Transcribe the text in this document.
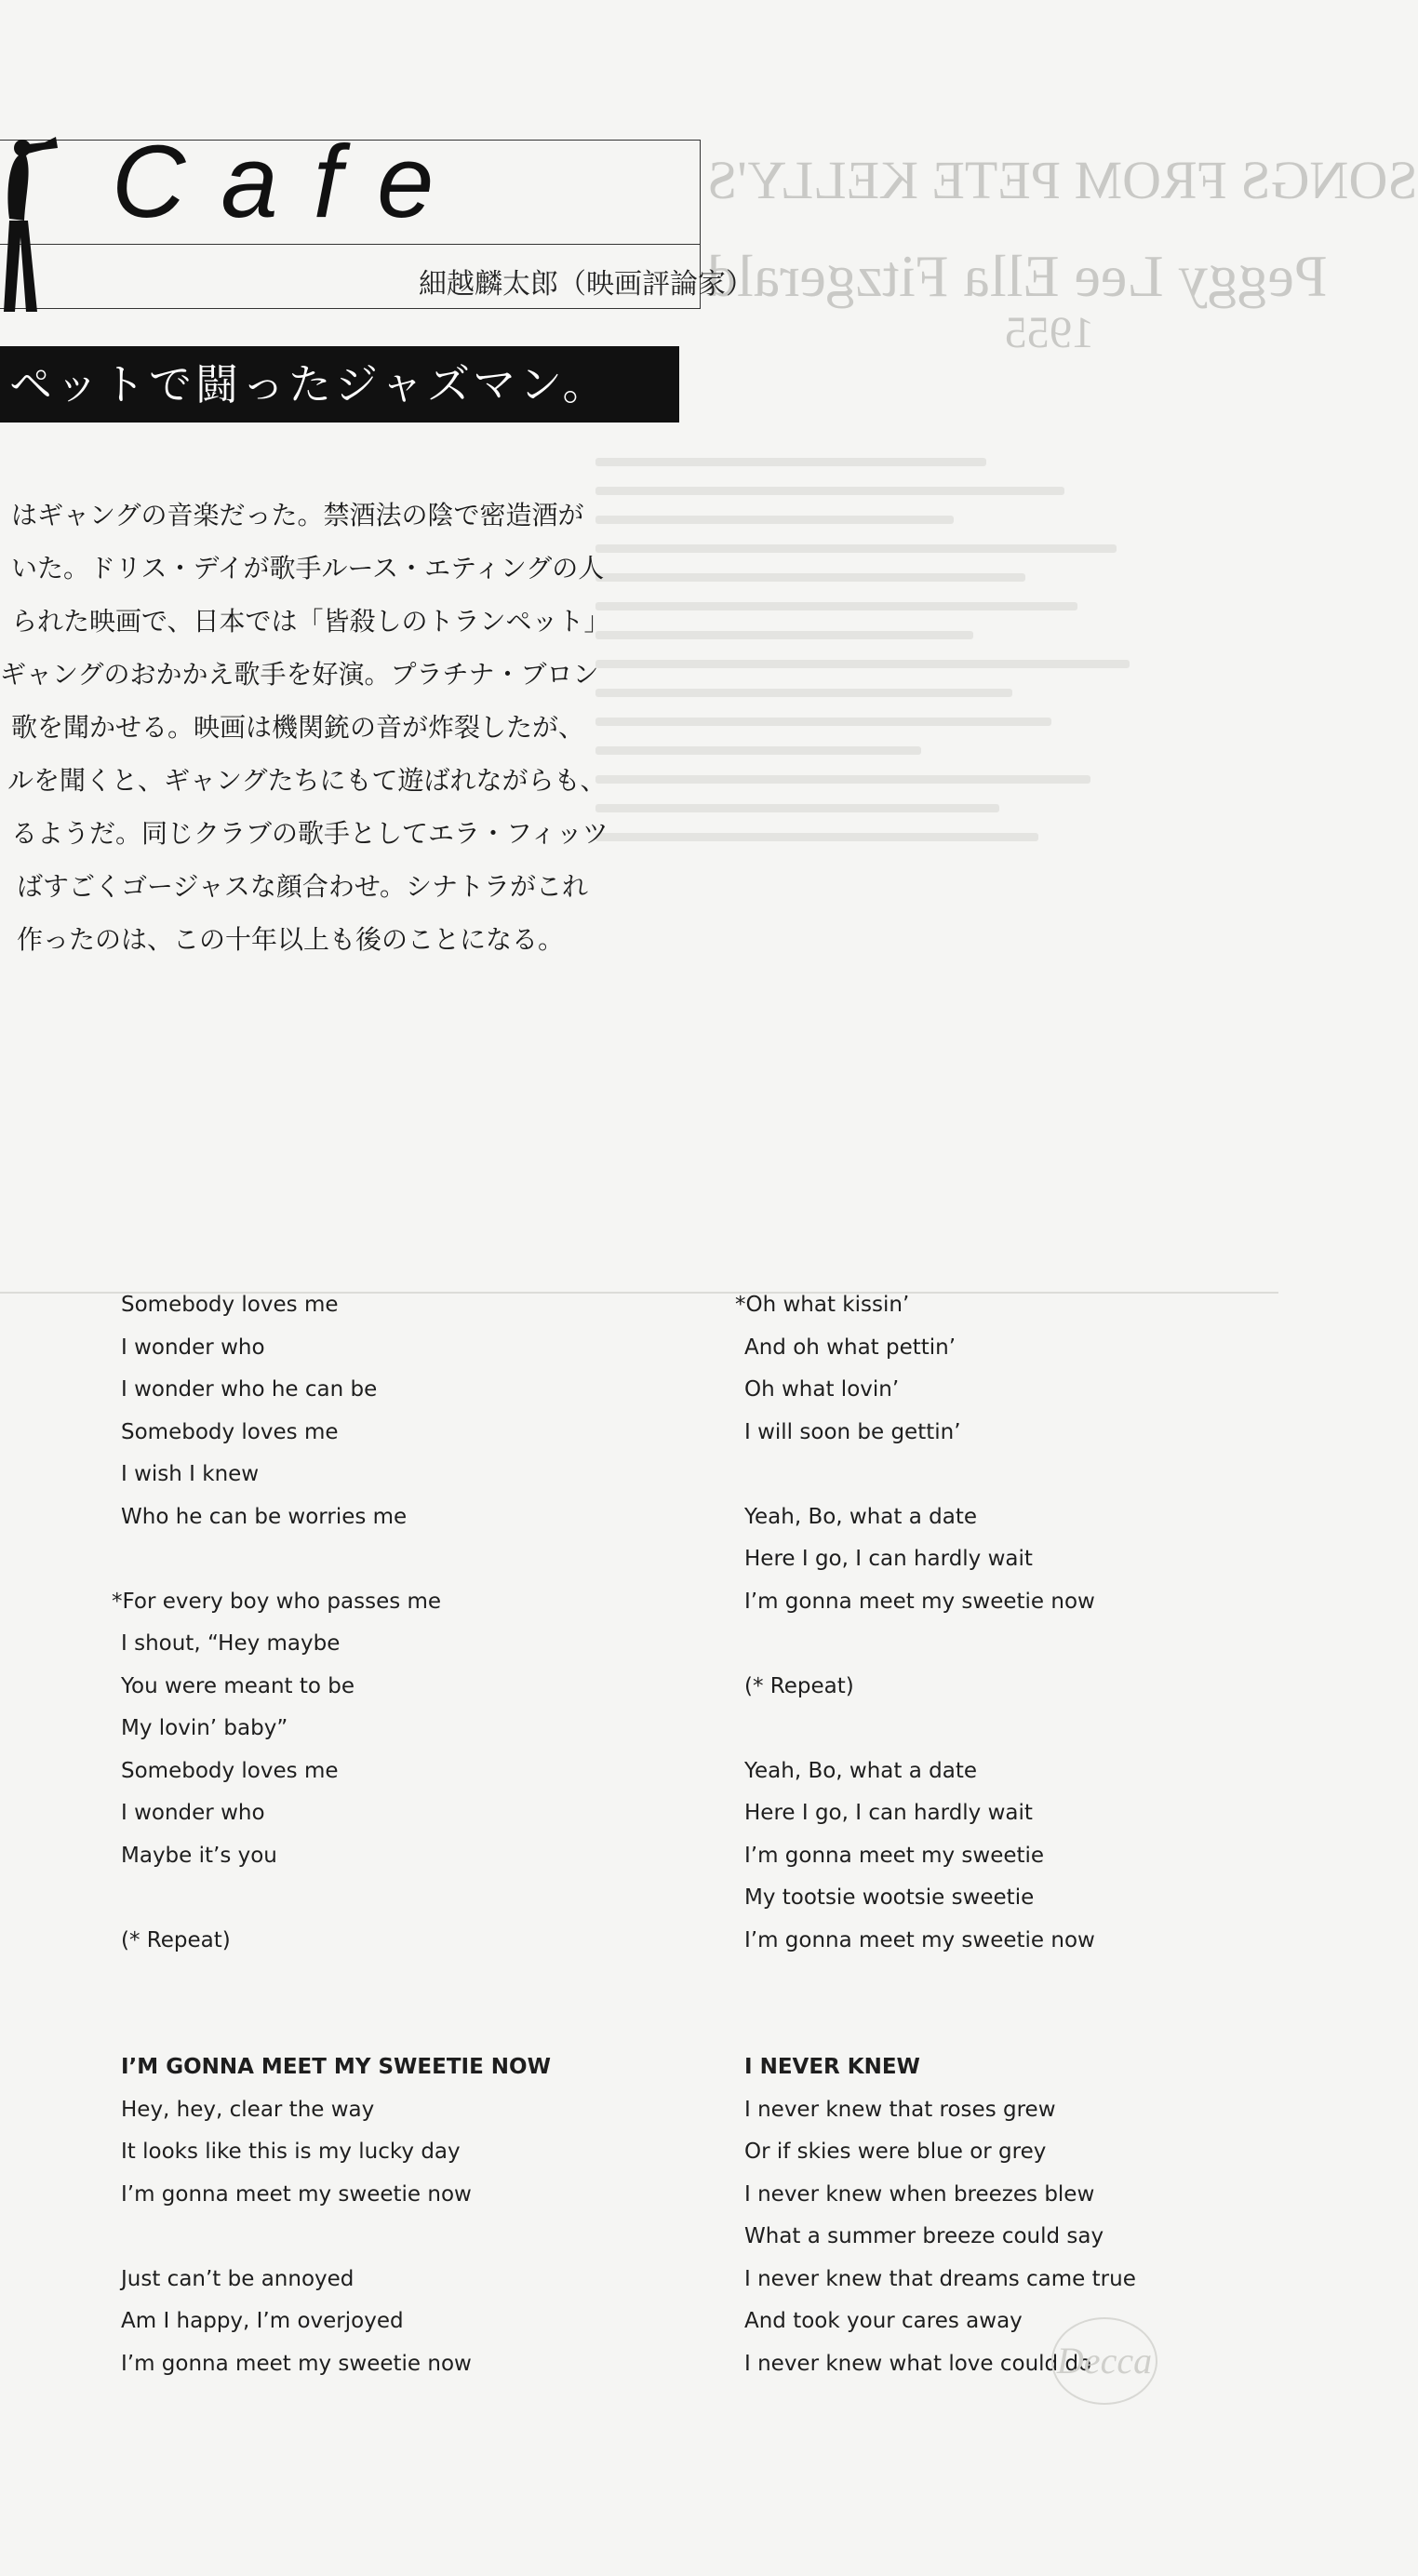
SONGS FROM PETE KELLY'S
Peggy Lee Ella Fitzgerald
1955
Cafe
細越麟太郎（映画評論家）
ペットで闘ったジャズマン。
はギャングの音楽だった。禁酒法の陰で密造酒が
いた。ドリス・デイが歌手ルース・エティングの人
られた映画で、日本では「皆殺しのトランペット」
ギャングのおかかえ歌手を好演。プラチナ・ブロン
歌を聞かせる。映画は機関銃の音が炸裂したが、
ルを聞くと、ギャングたちにもて遊ばれながらも、
るようだ。同じクラブの歌手としてエラ・フィッツ
ばすごくゴージャスな顔合わせ。シナトラがこれ
作ったのは、この十年以上も後のことになる。
Somebody loves me
I wonder who
I wonder who he can be
Somebody loves me
I wish I knew
Who he can be worries me
*For every boy who passes me
I shout, “Hey maybe
You were meant to be
My lovin’ baby”
Somebody loves me
I wonder who
Maybe it’s you
(* Repeat)
I’M GONNA MEET MY SWEETIE NOW
Hey, hey, clear the way
It looks like this is my lucky day
I’m gonna meet my sweetie now
Just can’t be annoyed
Am I happy, I’m overjoyed
I’m gonna meet my sweetie now
*Oh what kissin’
And oh what pettin’
Oh what lovin’
I will soon be gettin’
Yeah, Bo, what a date
Here I go, I can hardly wait
I’m gonna meet my sweetie now
(* Repeat)
Yeah, Bo, what a date
Here I go, I can hardly wait
I’m gonna meet my sweetie
My tootsie wootsie sweetie
I’m gonna meet my sweetie now
I NEVER KNEW
I never knew that roses grew
Or if skies were blue or grey
I never knew when breezes blew
What a summer breeze could say
I never knew that dreams came true
And took your cares away
I never knew what love could do
Decca
